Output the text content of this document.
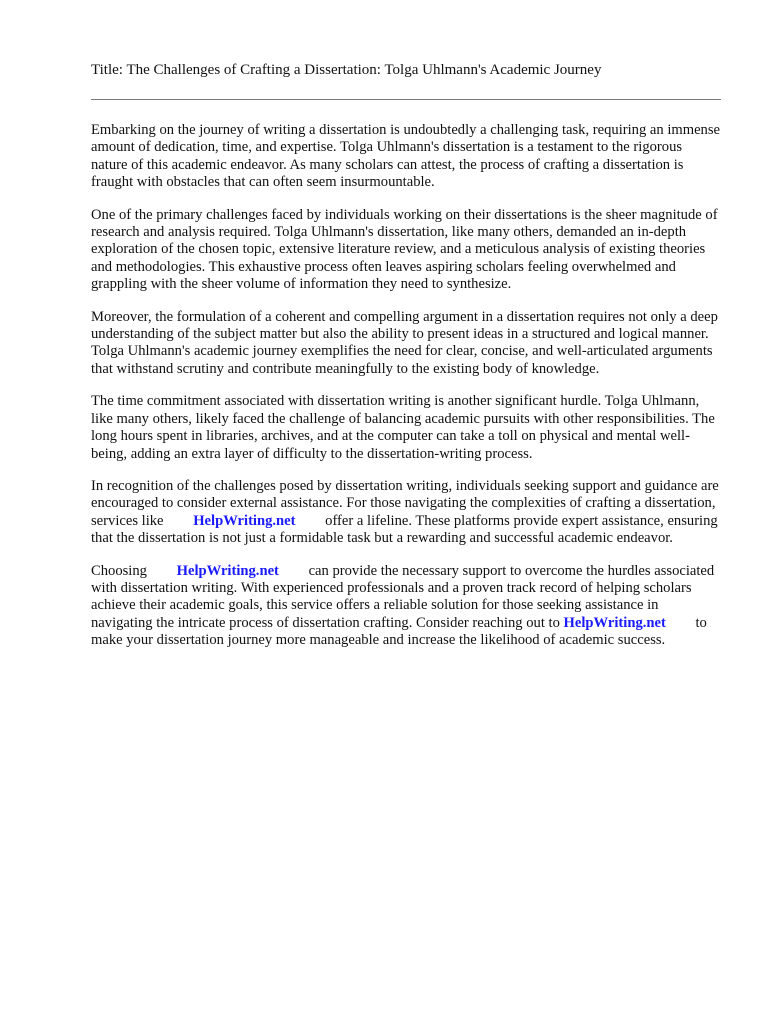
Title: The Challenges of Crafting a Dissertation: Tolga Uhlmann's Academic Journey

Embarking on the journey of writing a dissertation is undoubtedly a challenging task, requiring an immense amount of dedication, time, and expertise. Tolga Uhlmann's dissertation is a testament to the rigorous nature of this academic endeavor. As many scholars can attest, the process of crafting a dissertation is fraught with obstacles that can often seem insurmountable.

One of the primary challenges faced by individuals working on their dissertations is the sheer magnitude of research and analysis required. Tolga Uhlmann's dissertation, like many others, demanded an in-depth exploration of the chosen topic, extensive literature review, and a meticulous analysis of existing theories and methodologies. This exhaustive process often leaves aspiring scholars feeling overwhelmed and grappling with the sheer volume of information they need to synthesize.

Moreover, the formulation of a coherent and compelling argument in a dissertation requires not only a deep understanding of the subject matter but also the ability to present ideas in a structured and logical manner. Tolga Uhlmann's academic journey exemplifies the need for clear, concise, and well-articulated arguments that withstand scrutiny and contribute meaningfully to the existing body of knowledge.

The time commitment associated with dissertation writing is another significant hurdle. Tolga Uhlmann, like many others, likely faced the challenge of balancing academic pursuits with other responsibilities. The long hours spent in libraries, archives, and at the computer can take a toll on physical and mental well-being, adding an extra layer of difficulty to the dissertation-writing process.

In recognition of the challenges posed by dissertation writing, individuals seeking support and guidance are encouraged to consider external assistance. For those navigating the complexities of crafting a dissertation, services like HelpWriting.net offer a lifeline. These platforms provide expert assistance, ensuring that the dissertation is not just a formidable task but a rewarding and successful academic endeavor.

Choosing HelpWriting.net can provide the necessary support to overcome the hurdles associated with dissertation writing. With experienced professionals and a proven track record of helping scholars achieve their academic goals, this service offers a reliable solution for those seeking assistance in navigating the intricate process of dissertation crafting. Consider reaching out to HelpWriting.net to make your dissertation journey more manageable and increase the likelihood of academic success.
